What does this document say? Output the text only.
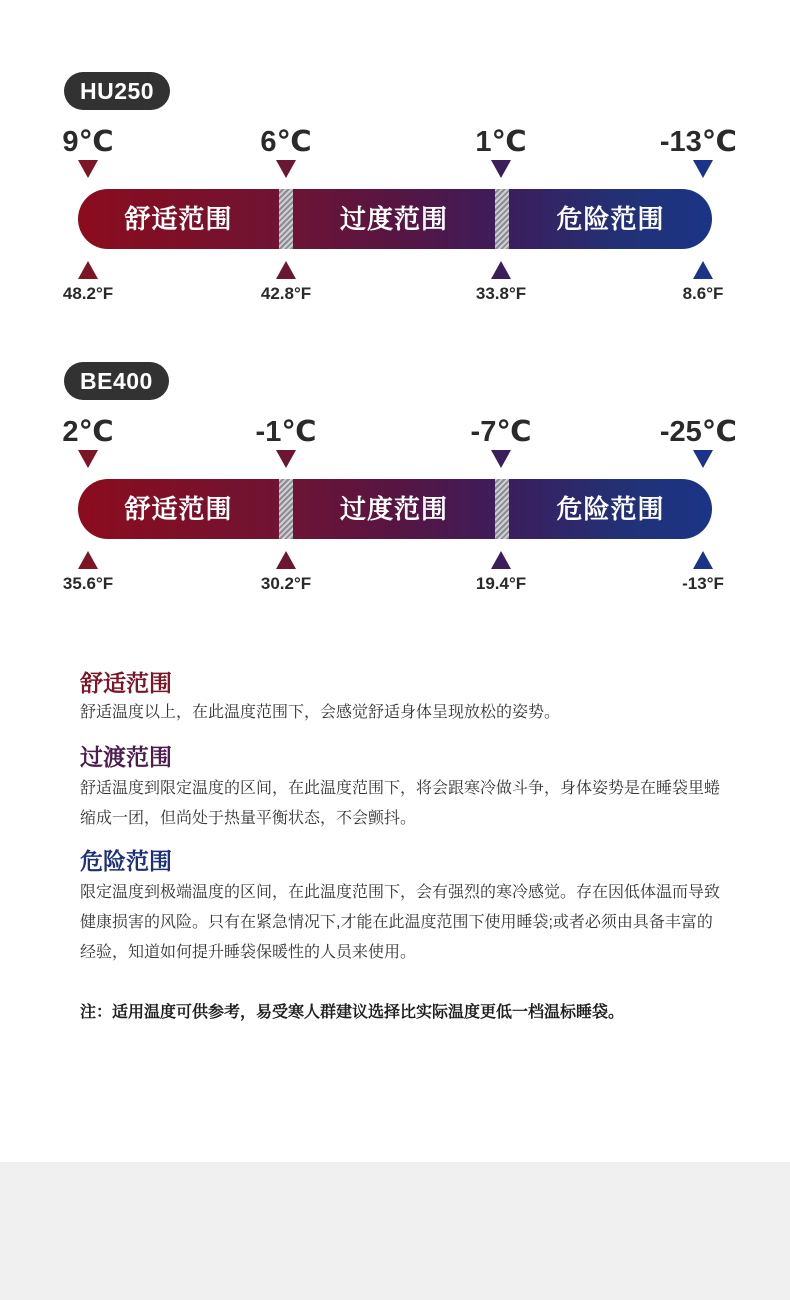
HU250
9℃
48.2°F
6℃
42.8°F
1℃
33.8°F
-13℃
8.6°F
舒适范围	过度范围	危险范围
BE400
2℃
35.6°F
-1℃
30.2°F
-7℃
19.4°F
-25℃
-13°F
舒适范围	过度范围	危险范围
舒适范围
舒适温度以上，在此温度范围下，会感觉舒适身体呈现放松的姿势。
过渡范围
舒适温度到限定温度的区间，在此温度范围下，将会跟寒冷做斗争，身体姿势是在睡袋里蜷缩成一团，但尚处于热量平衡状态，不会颤抖。
危险范围
限定温度到极端温度的区间，在此温度范围下，会有强烈的寒冷感觉。存在因低体温而导致健康损害的风险。只有在紧急情况下,才能在此温度范围下使用睡袋;或者必须由具备丰富的经验，知道如何提升睡袋保暖性的人员来使用。
注：适用温度可供参考，易受寒人群建议选择比实际温度更低一档温标睡袋。
